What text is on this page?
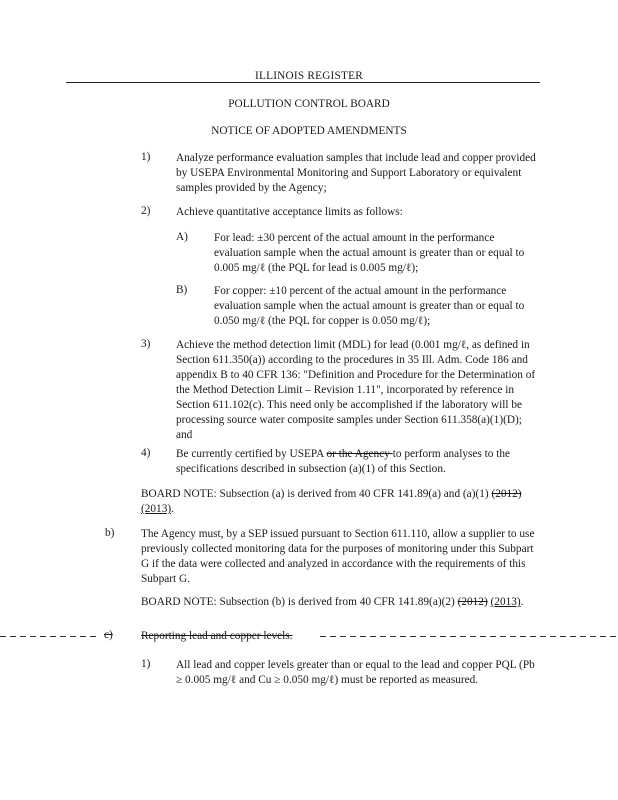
ILLINOIS REGISTER
POLLUTION CONTROL BOARD
NOTICE OF ADOPTED AMENDMENTS
1) Analyze performance evaluation samples that include lead and copper provided by USEPA Environmental Monitoring and Support Laboratory or equivalent samples provided by the Agency;

2) Achieve quantitative acceptance limits as follows:

A) For lead: ±30 percent of the actual amount in the performance evaluation sample when the actual amount is greater than or equal to 0.005 mg/ℓ (the PQL for lead is 0.005 mg/ℓ);

B) For copper: ±10 percent of the actual amount in the performance evaluation sample when the actual amount is greater than or equal to 0.050 mg/ℓ (the PQL for copper is 0.050 mg/ℓ);

3) Achieve the method detection limit (MDL) for lead (0.001 mg/ℓ, as defined in Section 611.350(a)) according to the procedures in 35 Ill. Adm. Code 186 and appendix B to 40 CFR 136: "Definition and Procedure for the Determination of the Method Detection Limit – Revision 1.11", incorporated by reference in Section 611.102(c). This need only be accomplished if the laboratory will be processing source water composite samples under Section 611.358(a)(1)(D); and

4) Be currently certified by USEPA or the Agency to perform analyses to the specifications described in subsection (a)(1) of this Section.

BOARD NOTE: Subsection (a) is derived from 40 CFR 141.89(a) and (a)(1) (2012) (2013).

b) The Agency must, by a SEP issued pursuant to Section 611.110, allow a supplier to use previously collected monitoring data for the purposes of monitoring under this Subpart G if the data were collected and analyzed in accordance with the requirements of this Subpart G.

BOARD NOTE: Subsection (b) is derived from 40 CFR 141.89(a)(2) (2012) (2013).

c) Reporting lead and copper levels.

1) All lead and copper levels greater than or equal to the lead and copper PQL (Pb ≥ 0.005 mg/ℓ and Cu ≥ 0.050 mg/ℓ) must be reported as measured.
